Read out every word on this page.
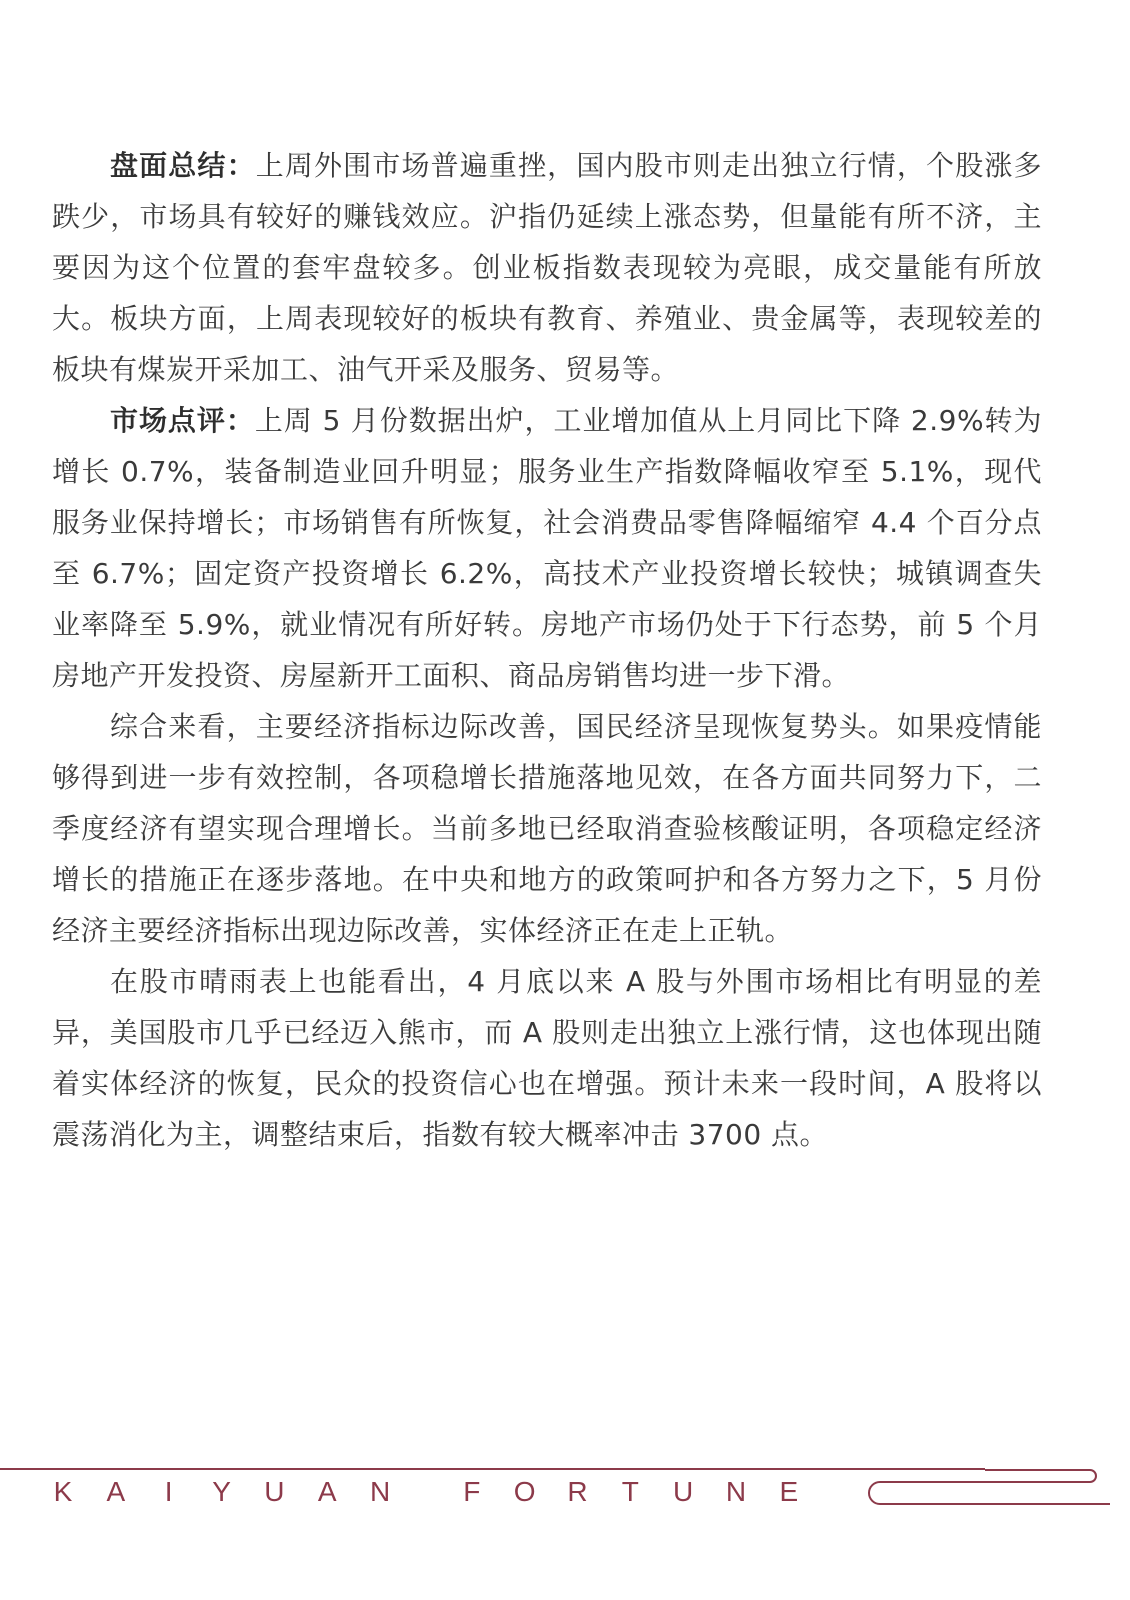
盘面总结：上周外围市场普遍重挫，国内股市则走出独立行情，个股涨多跌少，市场具有较好的赚钱效应。沪指仍延续上涨态势，但量能有所不济，主要因为这个位置的套牢盘较多。创业板指数表现较为亮眼，成交量能有所放大。板块方面，上周表现较好的板块有教育、养殖业、贵金属等，表现较差的板块有煤炭开采加工、油气开采及服务、贸易等。

市场点评：上周 5 月份数据出炉，工业增加值从上月同比下降 2.9%转为增长 0.7%，装备制造业回升明显；服务业生产指数降幅收窄至 5.1%，现代服务业保持增长；市场销售有所恢复，社会消费品零售降幅缩窄 4.4 个百分点至 6.7%；固定资产投资增长 6.2%，高技术产业投资增长较快；城镇调查失业率降至 5.9%，就业情况有所好转。房地产市场仍处于下行态势，前 5 个月房地产开发投资、房屋新开工面积、商品房销售均进一步下滑。

综合来看，主要经济指标边际改善，国民经济呈现恢复势头。如果疫情能够得到进一步有效控制，各项稳增长措施落地见效，在各方面共同努力下，二季度经济有望实现合理增长。当前多地已经取消查验核酸证明，各项稳定经济增长的措施正在逐步落地。在中央和地方的政策呵护和各方努力之下，5 月份经济主要经济指标出现边际改善，实体经济正在走上正轨。

在股市晴雨表上也能看出，4 月底以来 A 股与外围市场相比有明显的差异，美国股市几乎已经迈入熊市，而 A 股则走出独立上涨行情，这也体现出随着实体经济的恢复，民众的投资信心也在增强。预计未来一段时间，A 股将以震荡消化为主，调整结束后，指数有较大概率冲击 3700 点。

K A	I	Y U A N	F	O R	T	U N E
